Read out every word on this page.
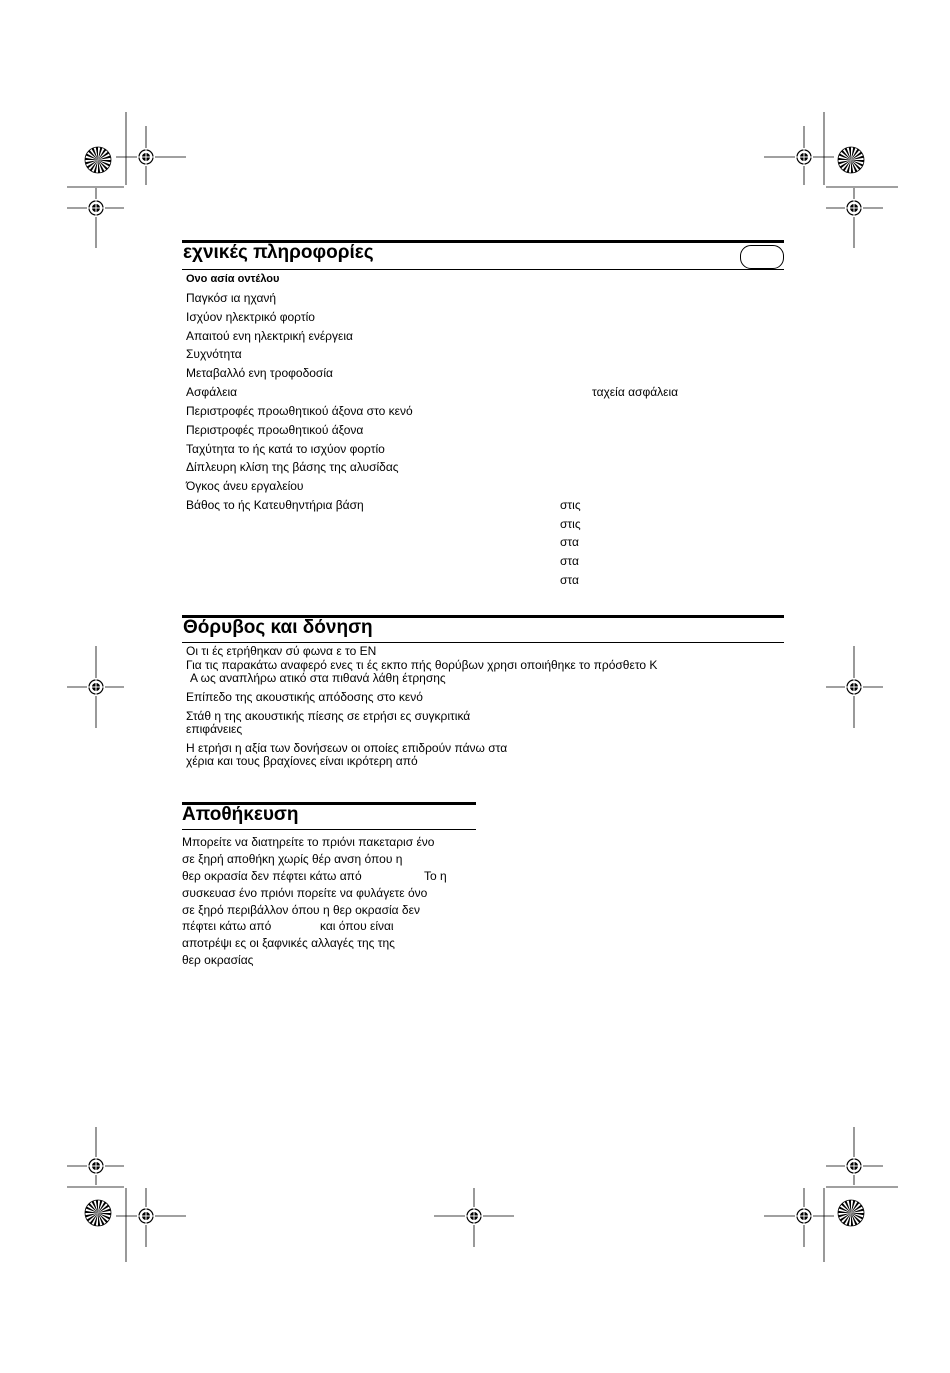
εχνικές πληροφορίες
Ονο ασία οντέλου
Παγκόσ ια ηχανή
Ισχύον ηλεκτρικό φορτίο
Απαιτού ενη ηλεκτρική ενέργεια
Συχνότητα
Μεταβαλλό ενη τροφοδοσία
Ασφάλεια	ταχεία ασφάλεια
Περιστροφές προωθητικού άξονα στο κενό
Περιστροφές προωθητικού άξονα
Ταχύτητα το ής κατά το ισχύον φορτίο
Δίπλευρη κλίση της βάσης της αλυσίδας
Όγκος άνευ εργαλείου
Βάθος το ής Κατευθηντήρια βάση	στις
στις
στα
στα
στα
Θόρυβος και δόνηση
Οι τι ές ετρήθηκαν σύ φωνα ε το ΕΝ
Για τις παρακάτω αναφερό ενες τι ές εκπο πής θορύβων χρησι οποιήθηκε το πρόσθετο Κ
Α ως αναπλήρω ατικό στα πιθανά λάθη έτρησης
Επίπεδο της ακουστικής απόδοσης στο κενό
Στάθ η της ακουστικής πίεσης σε ετρήσι ες συγκριτικά
επιφάνειες
Η ετρήσι η αξία των δονήσεων οι οποίες επιδρούν πάνω στα
χέρια και τους βραχίονες είναι ικρότερη από
Αποθήκευση
Μπορείτε να διατηρείτε το πριόνι πακεταρισ ένο
σε ξηρή αποθήκη χωρίς θέρ ανση όπου η
θερ οκρασία δεν πέφτει κάτω από	Το η
συσκευασ ένο πριόνι πορείτε να φυλάγετε όνο
σε ξηρό περιβάλλον όπου η θερ οκρασία δεν
πέφτει κάτω από	και όπου είναι
αποτρέψι ες οι ξαφνικές αλλαγές της της
θερ οκρασίας
